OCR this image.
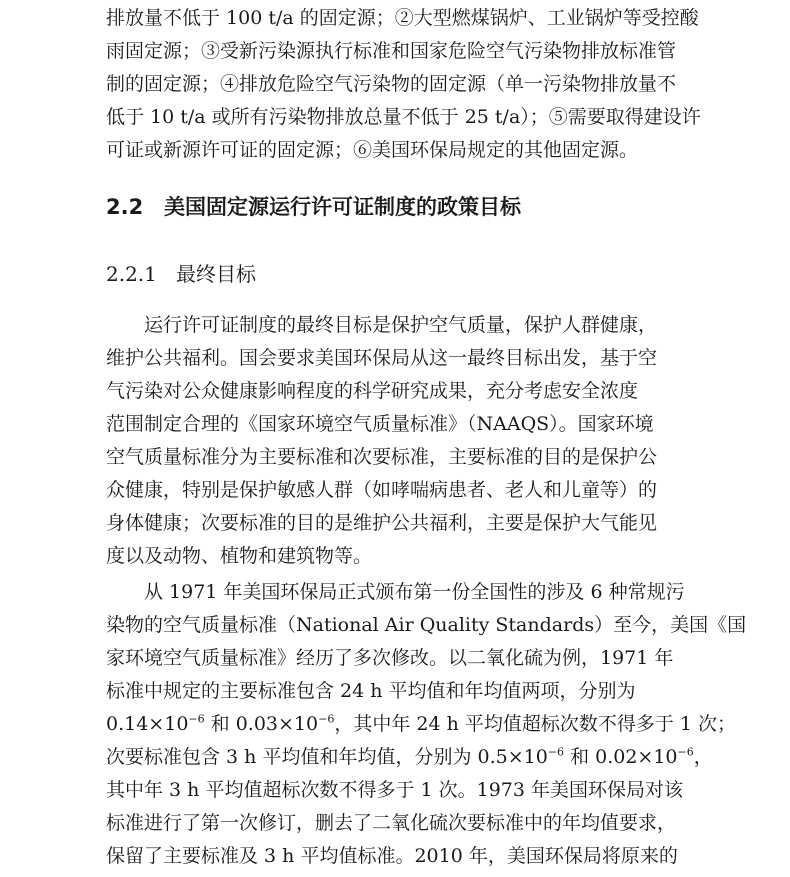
排放量不低于 100 t/a 的固定源；②大型燃煤锅炉、工业锅炉等受控酸

雨固定源；③受新污染源执行标准和国家危险空气污染物排放标准管

制的固定源；④排放危险空气污染物的固定源（单一污染物排放量不

低于 10 t/a 或所有污染物排放总量不低于 25 t/a）；⑤需要取得建设许

可证或新源许可证的固定源；⑥美国环保局规定的其他固定源。

2.2 美国固定源运行许可证制度的政策目标
2.2.1 最终目标

运行许可证制度的最终目标是保护空气质量，保护人群健康，

维护公共福利。国会要求美国环保局从这一最终目标出发，基于空

气污染对公众健康影响程度的科学研究成果，充分考虑安全浓度

范围制定合理的《国家环境空气质量标准》（NAAQS）。国家环境

空气质量标准分为主要标准和次要标准，主要标准的目的是保护公

众健康，特别是保护敏感人群（如哮喘病患者、老人和儿童等）的

身体健康；次要标准的目的是维护公共福利，主要是保护大气能见

度以及动物、植物和建筑物等。

从 1971 年美国环保局正式颁布第一份全国性的涉及 6 种常规污

染物的空气质量标准（National Air Quality Standards）至今，美国《国

家环境空气质量标准》经历了多次修改。以二氧化硫为例，1971 年

标准中规定的主要标准包含 24 h 平均值和年均值两项，分别为

$0.14\times 10^{-6}$ 和 $0.03\times 10^{-6}$，其中年 24 h 平均值超标次数不得多于 1 次；

次要标准包含 3 h 平均值和年均值，分别为 $0.5\times 10^{-6}$ 和 $0.02\times 10^{-6}$，

其中年 3 h 平均值超标次数不得多于 1 次。1973 年美国环保局对该

标准进行了第一次修订，删去了二氧化硫次要标准中的年均值要求，

保留了主要标准及 3 h 平均值标准。2010 年，美国环保局将原来的
